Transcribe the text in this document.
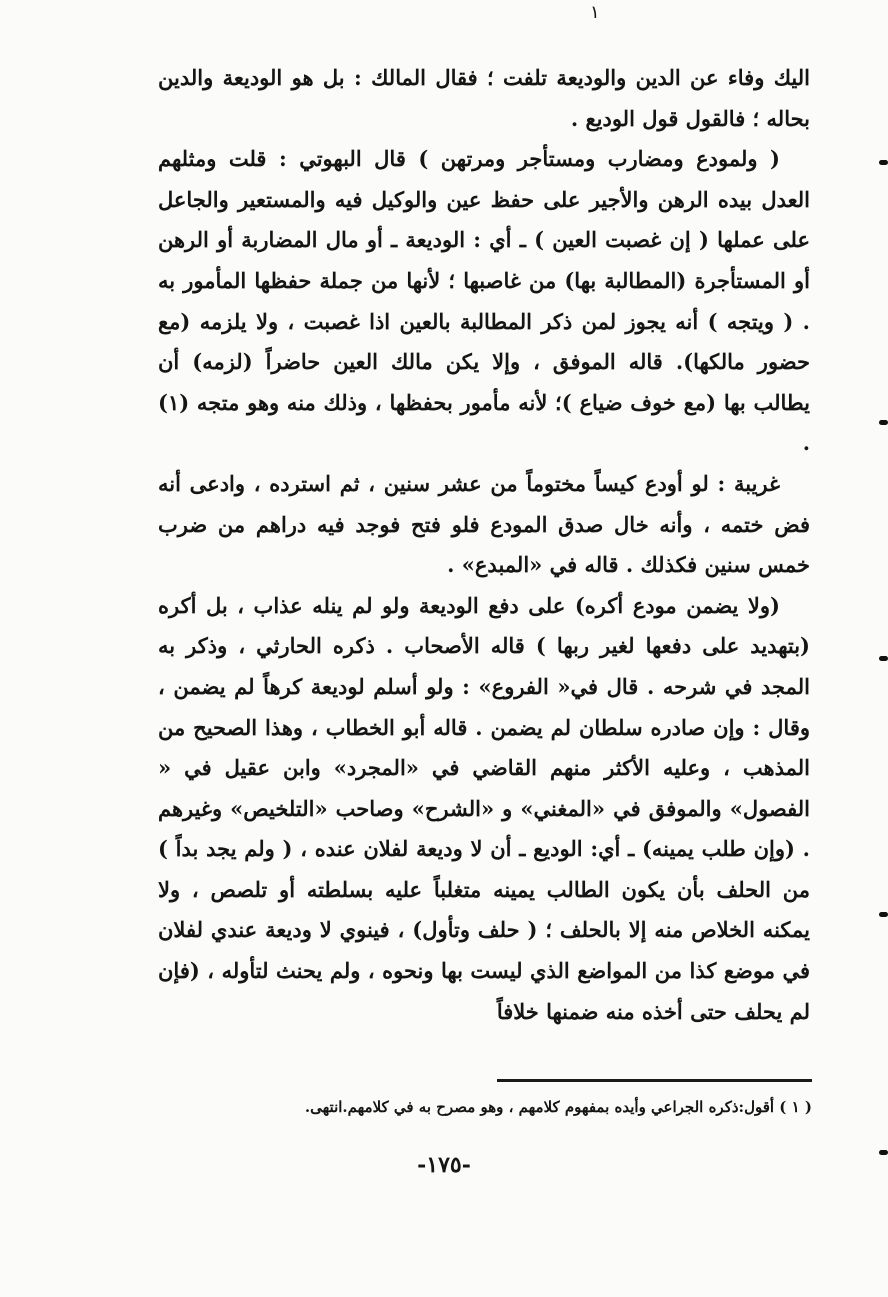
١

اليك وفاء عن الدين والوديعة تلفت ؛ فقال المالك : بل هو الوديعة والدين بحاله ؛ فالقول قول الوديع .

( ولمودع ومضارب ومستأجر ومرتهن ) قال البهوتي : قلت ومثلهم العدل بيده الرهن والأجير على حفظ عين والوكيل فيه والمستعير والجاعل على عملها ( إن غصبت العين ) ـ أي : الوديعة ـ أو مال المضاربة أو الرهن أو المستأجرة (المطالبة بها) من غاصبها ؛ لأنها من جملة حفظها المأمور به . ( ويتجه ) أنه يجوز لمن ذكر المطالبة بالعين اذا غصبت ، ولا يلزمه (مع حضور مالكها). قاله الموفق ، وإلا يكن مالك العين حاضراً (لزمه) أن يطالب بها (مع خوف ضياع )؛ لأنه مأمور بحفظها ، وذلك منه وهو متجه (١) .

غريبة : لو أودع كيساً مختوماً من عشر سنين ، ثم استرده ، وادعى أنه فض ختمه ، وأنه خال صدق المودع فلو فتح فوجد فيه دراهم من ضرب خمس سنين فكذلك . قاله في «المبدع» .

(ولا يضمن مودع أكره) على دفع الوديعة ولو لم ينله عذاب ، بل أكره (بتهديد على دفعها لغير ربها ) قاله الأصحاب . ذكره الحارثي ، وذكر به المجد في شرحه . قال في« الفروع» : ولو أسلم لوديعة كرهاً لم يضمن ، وقال : وإن صادره سلطان لم يضمن . قاله أبو الخطاب ، وهذا الصحيح من المذهب ، وعليه الأكثر منهم القاضي في «المجرد» وابن عقيل في « الفصول» والموفق في «المغني» و «الشرح» وصاحب «التلخيص» وغيرهم . (وإن طلب يمينه) ـ أي: الوديع ـ أن لا وديعة لفلان عنده ، ( ولم يجد بداً ) من الحلف بأن يكون الطالب يمينه متغلباً عليه بسلطته أو تلصص ، ولا يمكنه الخلاص منه إلا بالحلف ؛ ( حلف وتأول) ، فينوي لا وديعة عندي لفلان في موضع كذا من المواضع الذي ليست بها ونحوه ، ولم يحنث لتأوله ، (فإن لم يحلف حتى أخذه منه ضمنها خلافاً

( ١ ) أقول:ذكره الجراعي وأيده بمفهوم كلامهم ، وهو مصرح به في كلامهم.انتهى.
-١٧٥-
